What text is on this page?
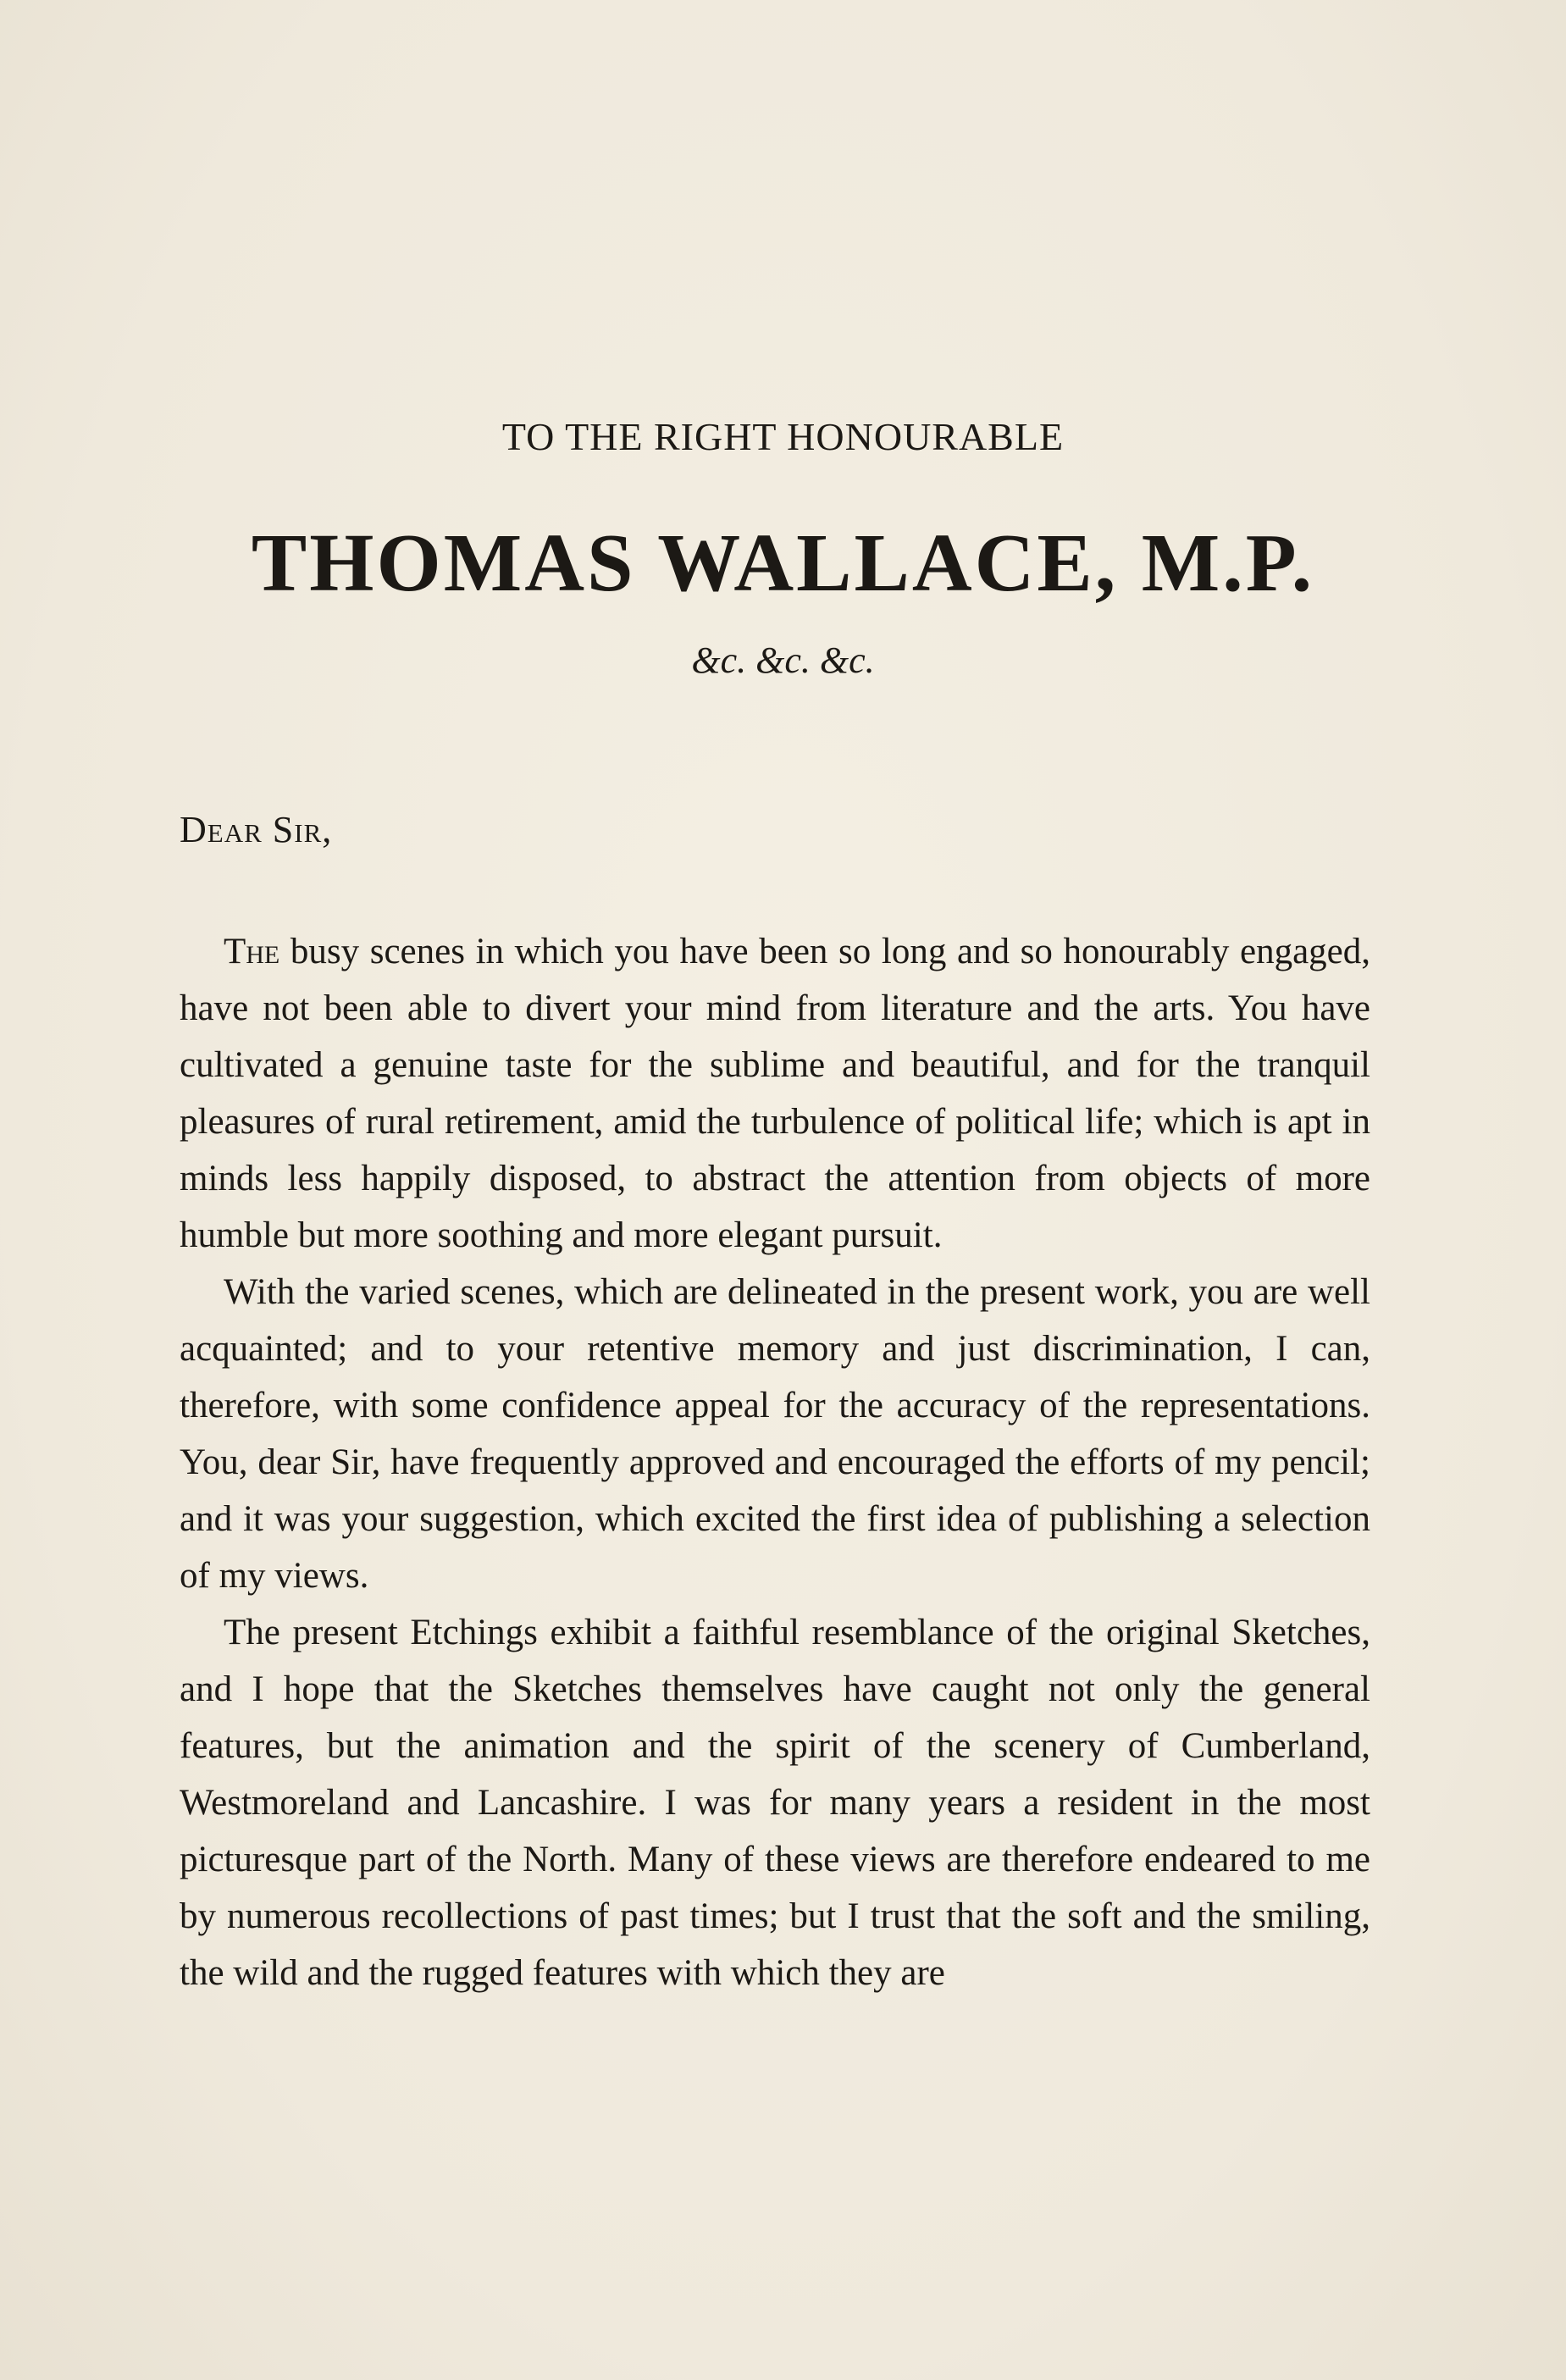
TO THE RIGHT HONOURABLE
THOMAS WALLACE, M.P.
&c. &c. &c.
Dear Sir,

The busy scenes in which you have been so long and so honourably engaged, have not been able to divert your mind from literature and the arts. You have cultivated a genuine taste for the sublime and beautiful, and for the tranquil pleasures of rural retirement, amid the turbulence of political life; which is apt in minds less happily disposed, to abstract the attention from objects of more humble but more soothing and more elegant pursuit.

With the varied scenes, which are delineated in the present work, you are well acquainted; and to your retentive memory and just discrimination, I can, therefore, with some confidence appeal for the accuracy of the representations. You, dear Sir, have frequently approved and encouraged the efforts of my pencil; and it was your suggestion, which excited the first idea of publishing a selection of my views.

The present Etchings exhibit a faithful resemblance of the original Sketches, and I hope that the Sketches themselves have caught not only the general features, but the animation and the spirit of the scenery of Cumberland, Westmoreland and Lancashire. I was for many years a resident in the most picturesque part of the North. Many of these views are therefore endeared to me by numerous recollections of past times; but I trust that the soft and the smiling, the wild and the rugged features with which they are
